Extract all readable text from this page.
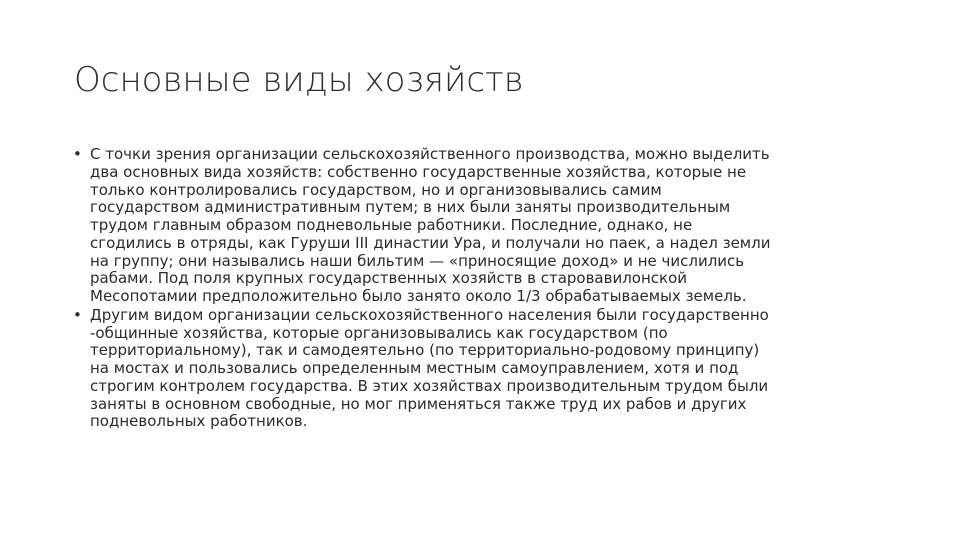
Основные виды хозяйств
• С точки зрения организации сельскохозяйственного производства, можно выделить
два основных вида хозяйств: собственно государственные хозяйства, которые не
только контролировались государством, но и организовывались самим
государством административным путем; в них были заняты производительным
трудом главным образом подневольные работники. Последние, однако, не
сгодились в отряды, как Гуруши III династии Ура, и получали но паек, а надел земли
на группу; они назывались наши бильтим — «приносящие доход» и не числились
рабами. Под поля крупных государственных хозяйств в старовавилонской
Месопотамии предположительно было занято около 1/3 обрабатываемых земель.
• Другим видом организации сельскохозяйственного населения были государственно
-общинные хозяйства, которые организовывались как государством (по
территориальному), так и самодеятельно (по территориально-родовому принципу)
на мостах и пользовались определенным местным самоуправлением, хотя и под
строгим контролем государства. В этих хозяйствах производительным трудом были
заняты в основном свободные, но мог применяться также труд их рабов и других
подневольных работников.
